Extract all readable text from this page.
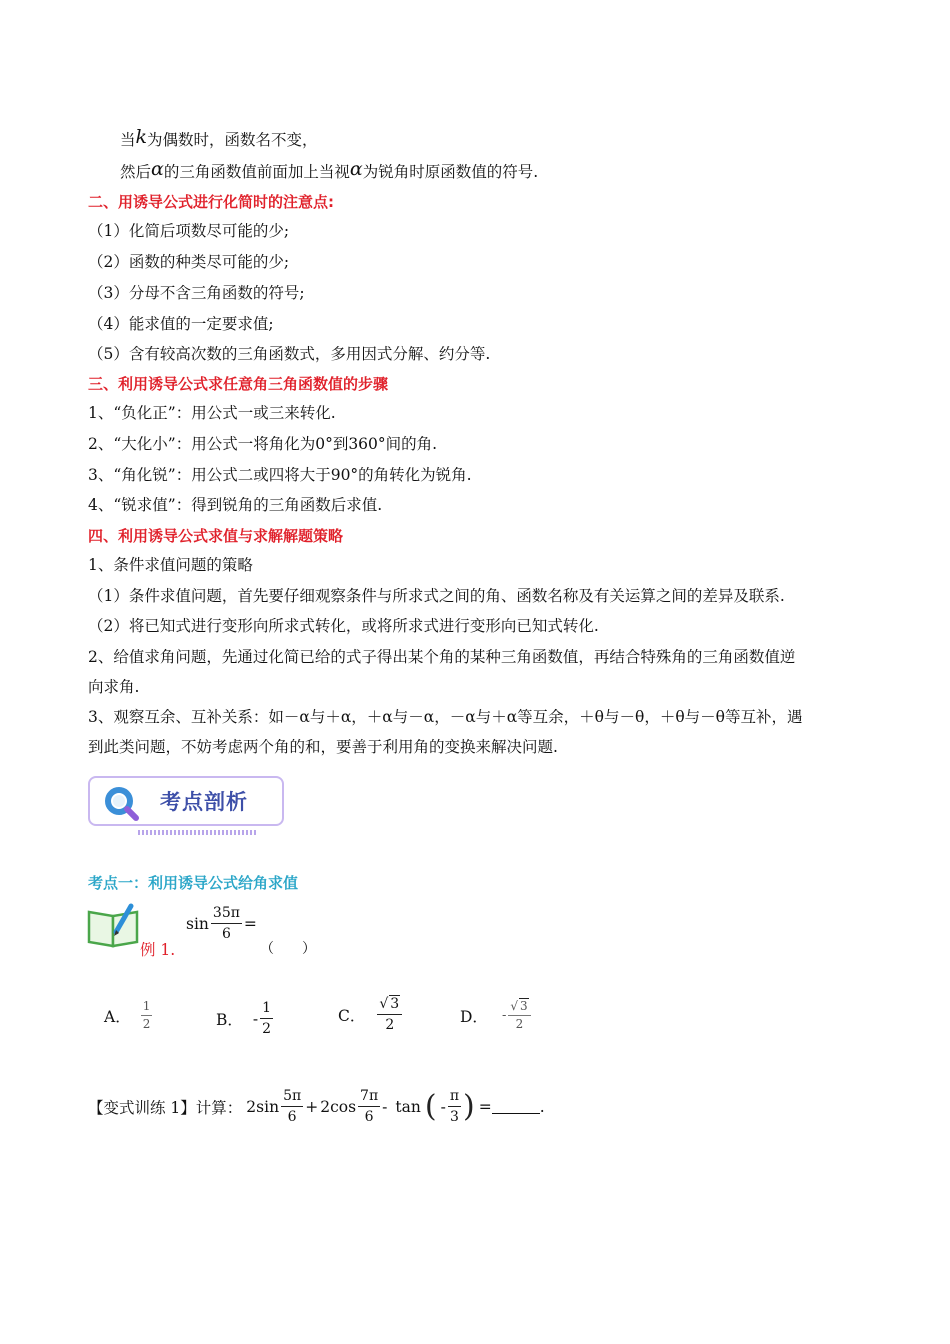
当k为偶数时，函数名不变，
然后α的三角函数值前面加上当视α为锐角时原函数值的符号.
二、用诱导公式进行化简时的注意点:
（1）化简后项数尽可能的少;
（2）函数的种类尽可能的少;
（3）分母不含三角函数的符号;
（4）能求值的一定要求值;
（5）含有较高次数的三角函数式，多用因式分解、约分等.
三、利用诱导公式求任意角三角函数值的步骤
1、“负化正”：用公式一或三来转化.
2、“大化小”：用公式一将角化为0°到360°间的角.
3、“角化锐”：用公式二或四将大于90°的角转化为锐角.
4、“锐求值”：得到锐角的三角函数后求值.
四、利用诱导公式求值与求解解题策略
1、条件求值问题的策略
（1）条件求值问题，首先要仔细观察条件与所求式之间的角、函数名称及有关运算之间的差异及联系.
（2）将已知式进行变形向所求式转化，或将所求式进行变形向已知式转化.
2、给值求角问题，先通过化简已给的式子得出某个角的某种三角函数值，再结合特殊角的三角函数值逆
向求角.
3、观察互余、互补关系：如－α与＋α，＋α与－α，－α与＋α等互余，＋θ与－θ，＋θ与－θ等互补，遇
到此类问题，不妨考虑两个角的和，要善于利用角的变换来解决问题.
考点剖析
考点一：利用诱导公式给角求值
例 1.
$\sin \frac{35\pi}{6}$ =
（　　）
A． $\frac{1}{2}$	B． - $\frac{1}{2}$	C． $\frac{√ 3}{2}$	D． - $\frac{√ 3}{2}$
【变式训练 1】计算： 2 $\sin \frac{5\pi}{6} + 2$ $\cos \frac{7\pi}{6}$ - tan ( - $\frac{\pi}{3}$ ) =	.
